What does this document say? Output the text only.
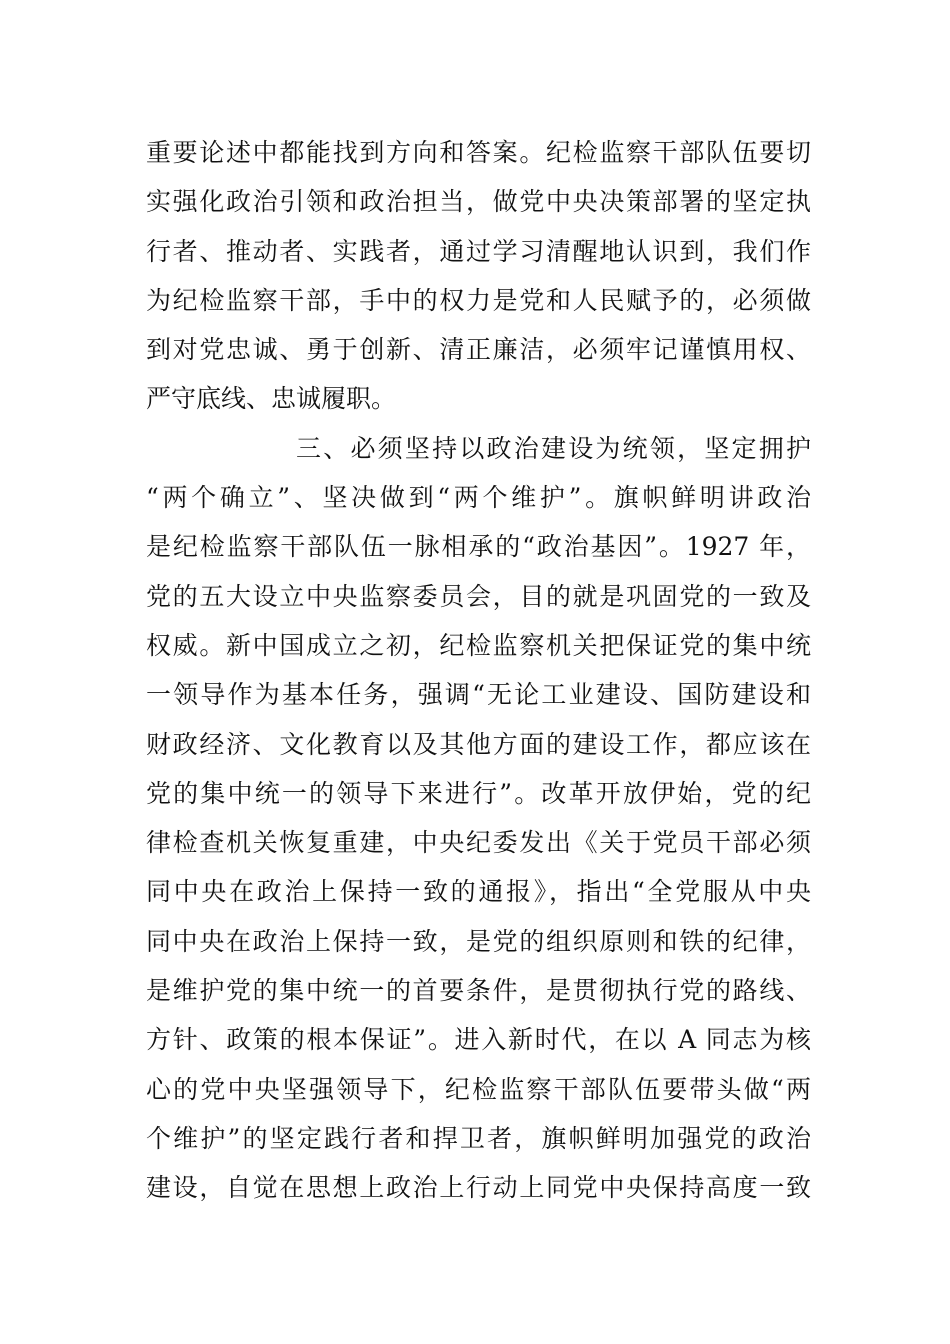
重要论述中都能找到方向和答案。纪检监察干部队伍要切
实强化政治引领和政治担当，做党中央决策部署的坚定执
行者、推动者、实践者，通过学习清醒地认识到，我们作
为纪检监察干部，手中的权力是党和人民赋予的，必须做
到对党忠诚、勇于创新、清正廉洁，必须牢记谨慎用权、
严守底线、忠诚履职。
三、必须坚持以政治建设为统领，坚定拥护
“两个确立”、坚决做到“两个维护”。旗帜鲜明讲政治
是纪检监察干部队伍一脉相承的“政治基因”。1927 年，
党的五大设立中央监察委员会，目的就是巩固党的一致及
权威。新中国成立之初，纪检监察机关把保证党的集中统
一领导作为基本任务，强调“无论工业建设、国防建设和
财政经济、文化教育以及其他方面的建设工作，都应该在
党的集中统一的领导下来进行”。改革开放伊始，党的纪
律检查机关恢复重建，中央纪委发出《关于党员干部必须
同中央在政治上保持一致的通报》，指出“全党服从中央
同中央在政治上保持一致，是党的组织原则和铁的纪律，
是维护党的集中统一的首要条件，是贯彻执行党的路线、
方针、政策的根本保证”。进入新时代，在以 A 同志为核
心的党中央坚强领导下，纪检监察干部队伍要带头做“两
个维护”的坚定践行者和捍卫者，旗帜鲜明加强党的政治
建设，自觉在思想上政治上行动上同党中央保持高度一致
